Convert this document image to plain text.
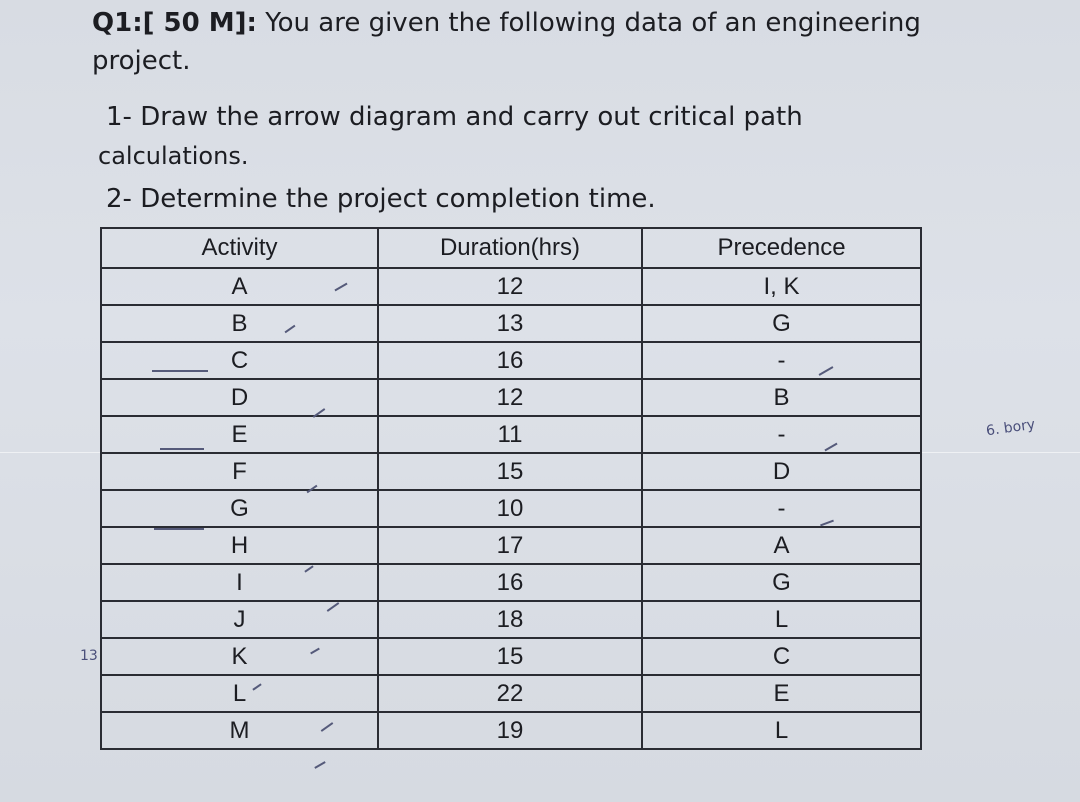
Q1:[ 50 M]: You are given the following data of an engineering
project.
1- Draw the arrow diagram and carry out critical path
calculations.
2- Determine the project completion time.
Activity	Duration(hrs)	Precedence
A	12	I, K
B	13	G
C	16	-
D	12	B
E	11	-
F	15	D
G	10	-
H	17	A
I	16	G
J	18	L
K	15	C
L	22	E
M	19	L
13
6. bory
